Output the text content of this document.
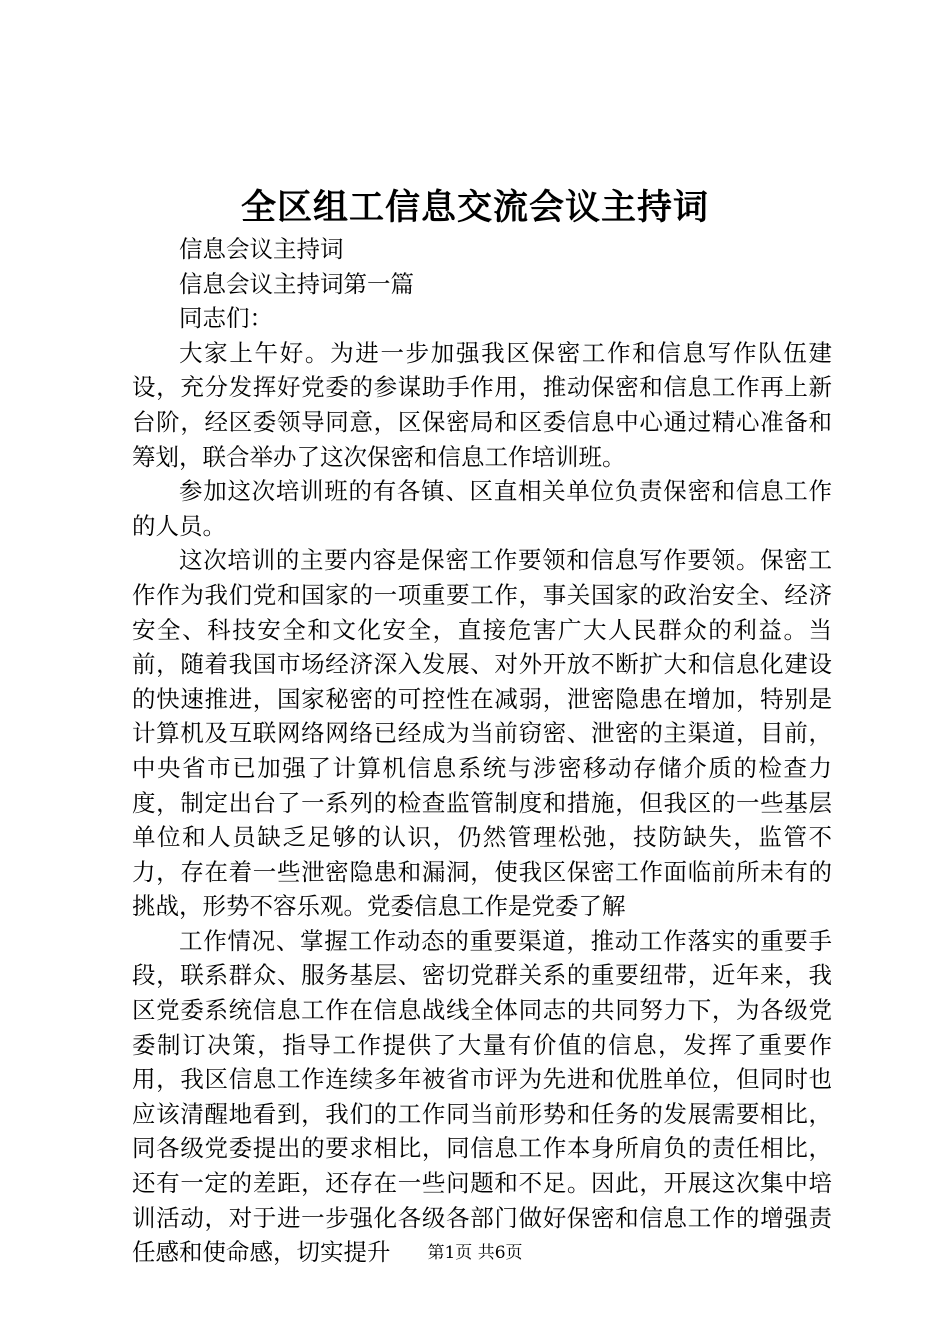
全区组工信息交流会议主持词

信息会议主持词

信息会议主持词第一篇

同志们：

大家上午好。为进一步加强我区保密工作和信息写作队伍建设，充分发挥好党委的参谋助手作用，推动保密和信息工作再上新台阶，经区委领导同意，区保密局和区委信息中心通过精心准备和筹划，联合举办了这次保密和信息工作培训班。

参加这次培训班的有各镇、区直相关单位负责保密和信息工作的人员。

这次培训的主要内容是保密工作要领和信息写作要领。保密工作作为我们党和国家的一项重要工作，事关国家的政治安全、经济安全、科技安全和文化安全，直接危害广大人民群众的利益。当前，随着我国市场经济深入发展、对外开放不断扩大和信息化建设的快速推进，国家秘密的可控性在减弱，泄密隐患在增加，特别是计算机及互联网络网络已经成为当前窃密、泄密的主渠道，目前，中央省市已加强了计算机信息系统与涉密移动存储介质的检查力度，制定出台了一系列的检查监管制度和措施，但我区的一些基层单位和人员缺乏足够的认识，仍然管理松弛，技防缺失，监管不力，存在着一些泄密隐患和漏洞，使我区保密工作面临前所未有的挑战，形势不容乐观。党委信息工作是党委了解

工作情况、掌握工作动态的重要渠道，推动工作落实的重要手段，联系群众、服务基层、密切党群关系的重要纽带，近年来，我区党委系统信息工作在信息战线全体同志的共同努力下，为各级党委制订决策，指导工作提供了大量有价值的信息，发挥了重要作用，我区信息工作连续多年被省市评为先进和优胜单位，但同时也应该清醒地看到，我们的工作同当前形势和任务的发展需要相比，同各级党委提出的要求相比，同信息工作本身所肩负的责任相比，还有一定的差距，还存在一些问题和不足。因此，开展这次集中培训活动，对于进一步强化各级各部门做好保密和信息工作的增强责任感和使命感，切实提升	第1页 共6页
